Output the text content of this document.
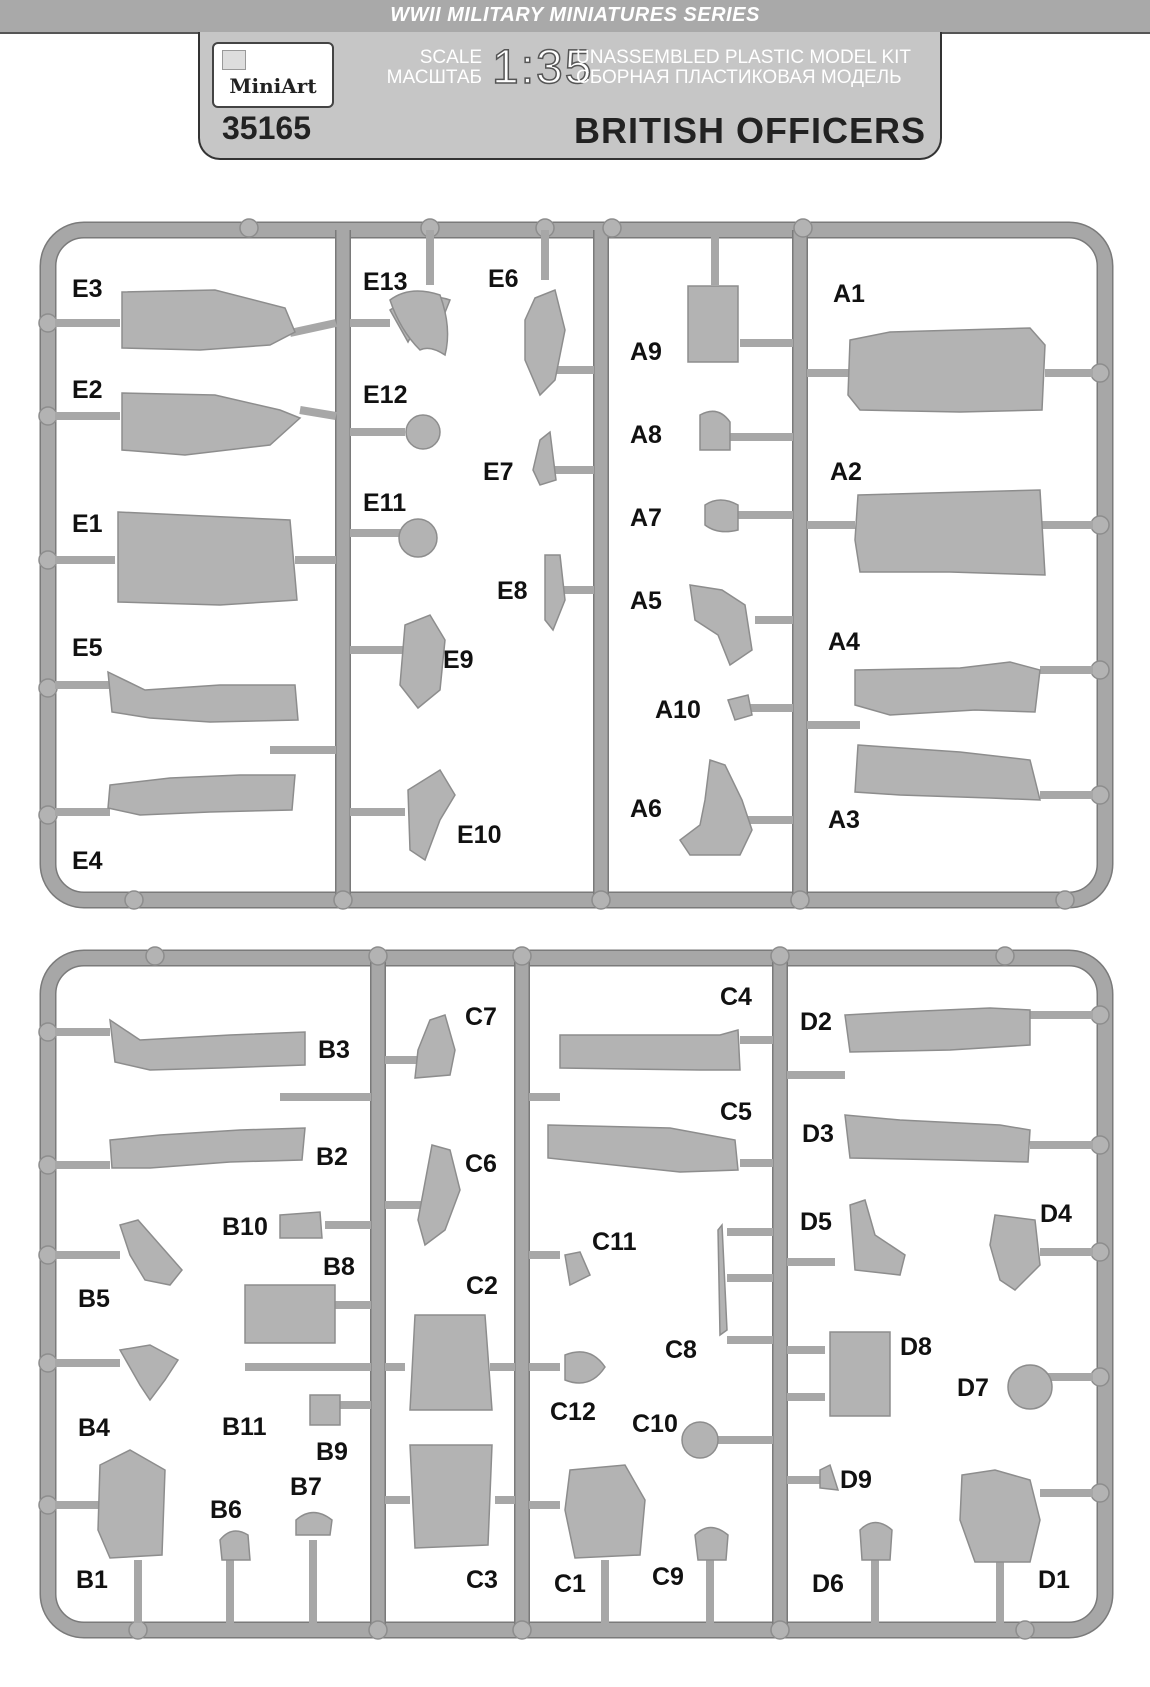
WWII MILITARY MINIATURES SERIES
MiniArt
35165
SCALE
МАСШТАБ 1:35
UNASSEMBLED PLASTIC MODEL KIT
СБОРНАЯ ПЛАСТИКОВАЯ МОДЕЛЬ
BRITISH OFFICERS
E3	E13	E6
A1
E2	E12
A9
A8
E7	A2
E1
E11
A7
E8	A5
E5	E9
A4
A10
E4
E10
A6	A3
B3
C7
C4
D2
C5
D3
B2	C6
B10
C11
D5	D4
B8
B5	C2
C8	D8
B4	B11
C12 C10
D7
B9
B7	D9
B6
B1	C3 C1	C9	D6	D1
